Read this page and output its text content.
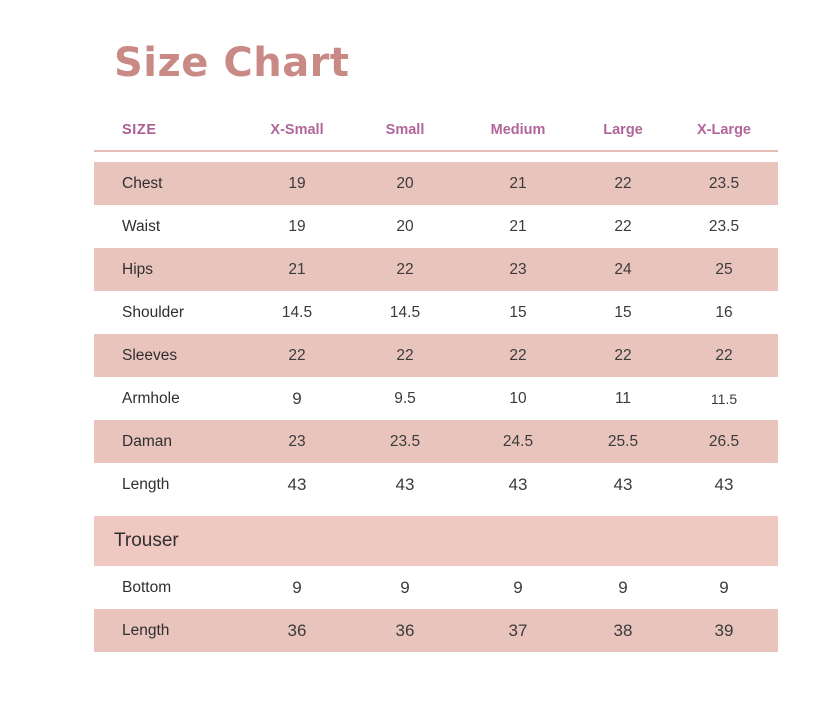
Size Chart
SIZE	X-Small	Small	Medium	Large	X-Large

Chest	19	20	21	22	23.5
Waist	19	20	21	22	23.5
Hips	21	22	23	24	25
Shoulder	14.5	14.5	15	15	16
Sleeves	22	22	22	22	22
Armhole	9	9.5	10	11	11.5
Daman	23	23.5	24.5	25.5	26.5
Length	43	43	43	43	43

Trouser					
Bottom	9	9	9	9	9
Length	36	36	37	38	39
